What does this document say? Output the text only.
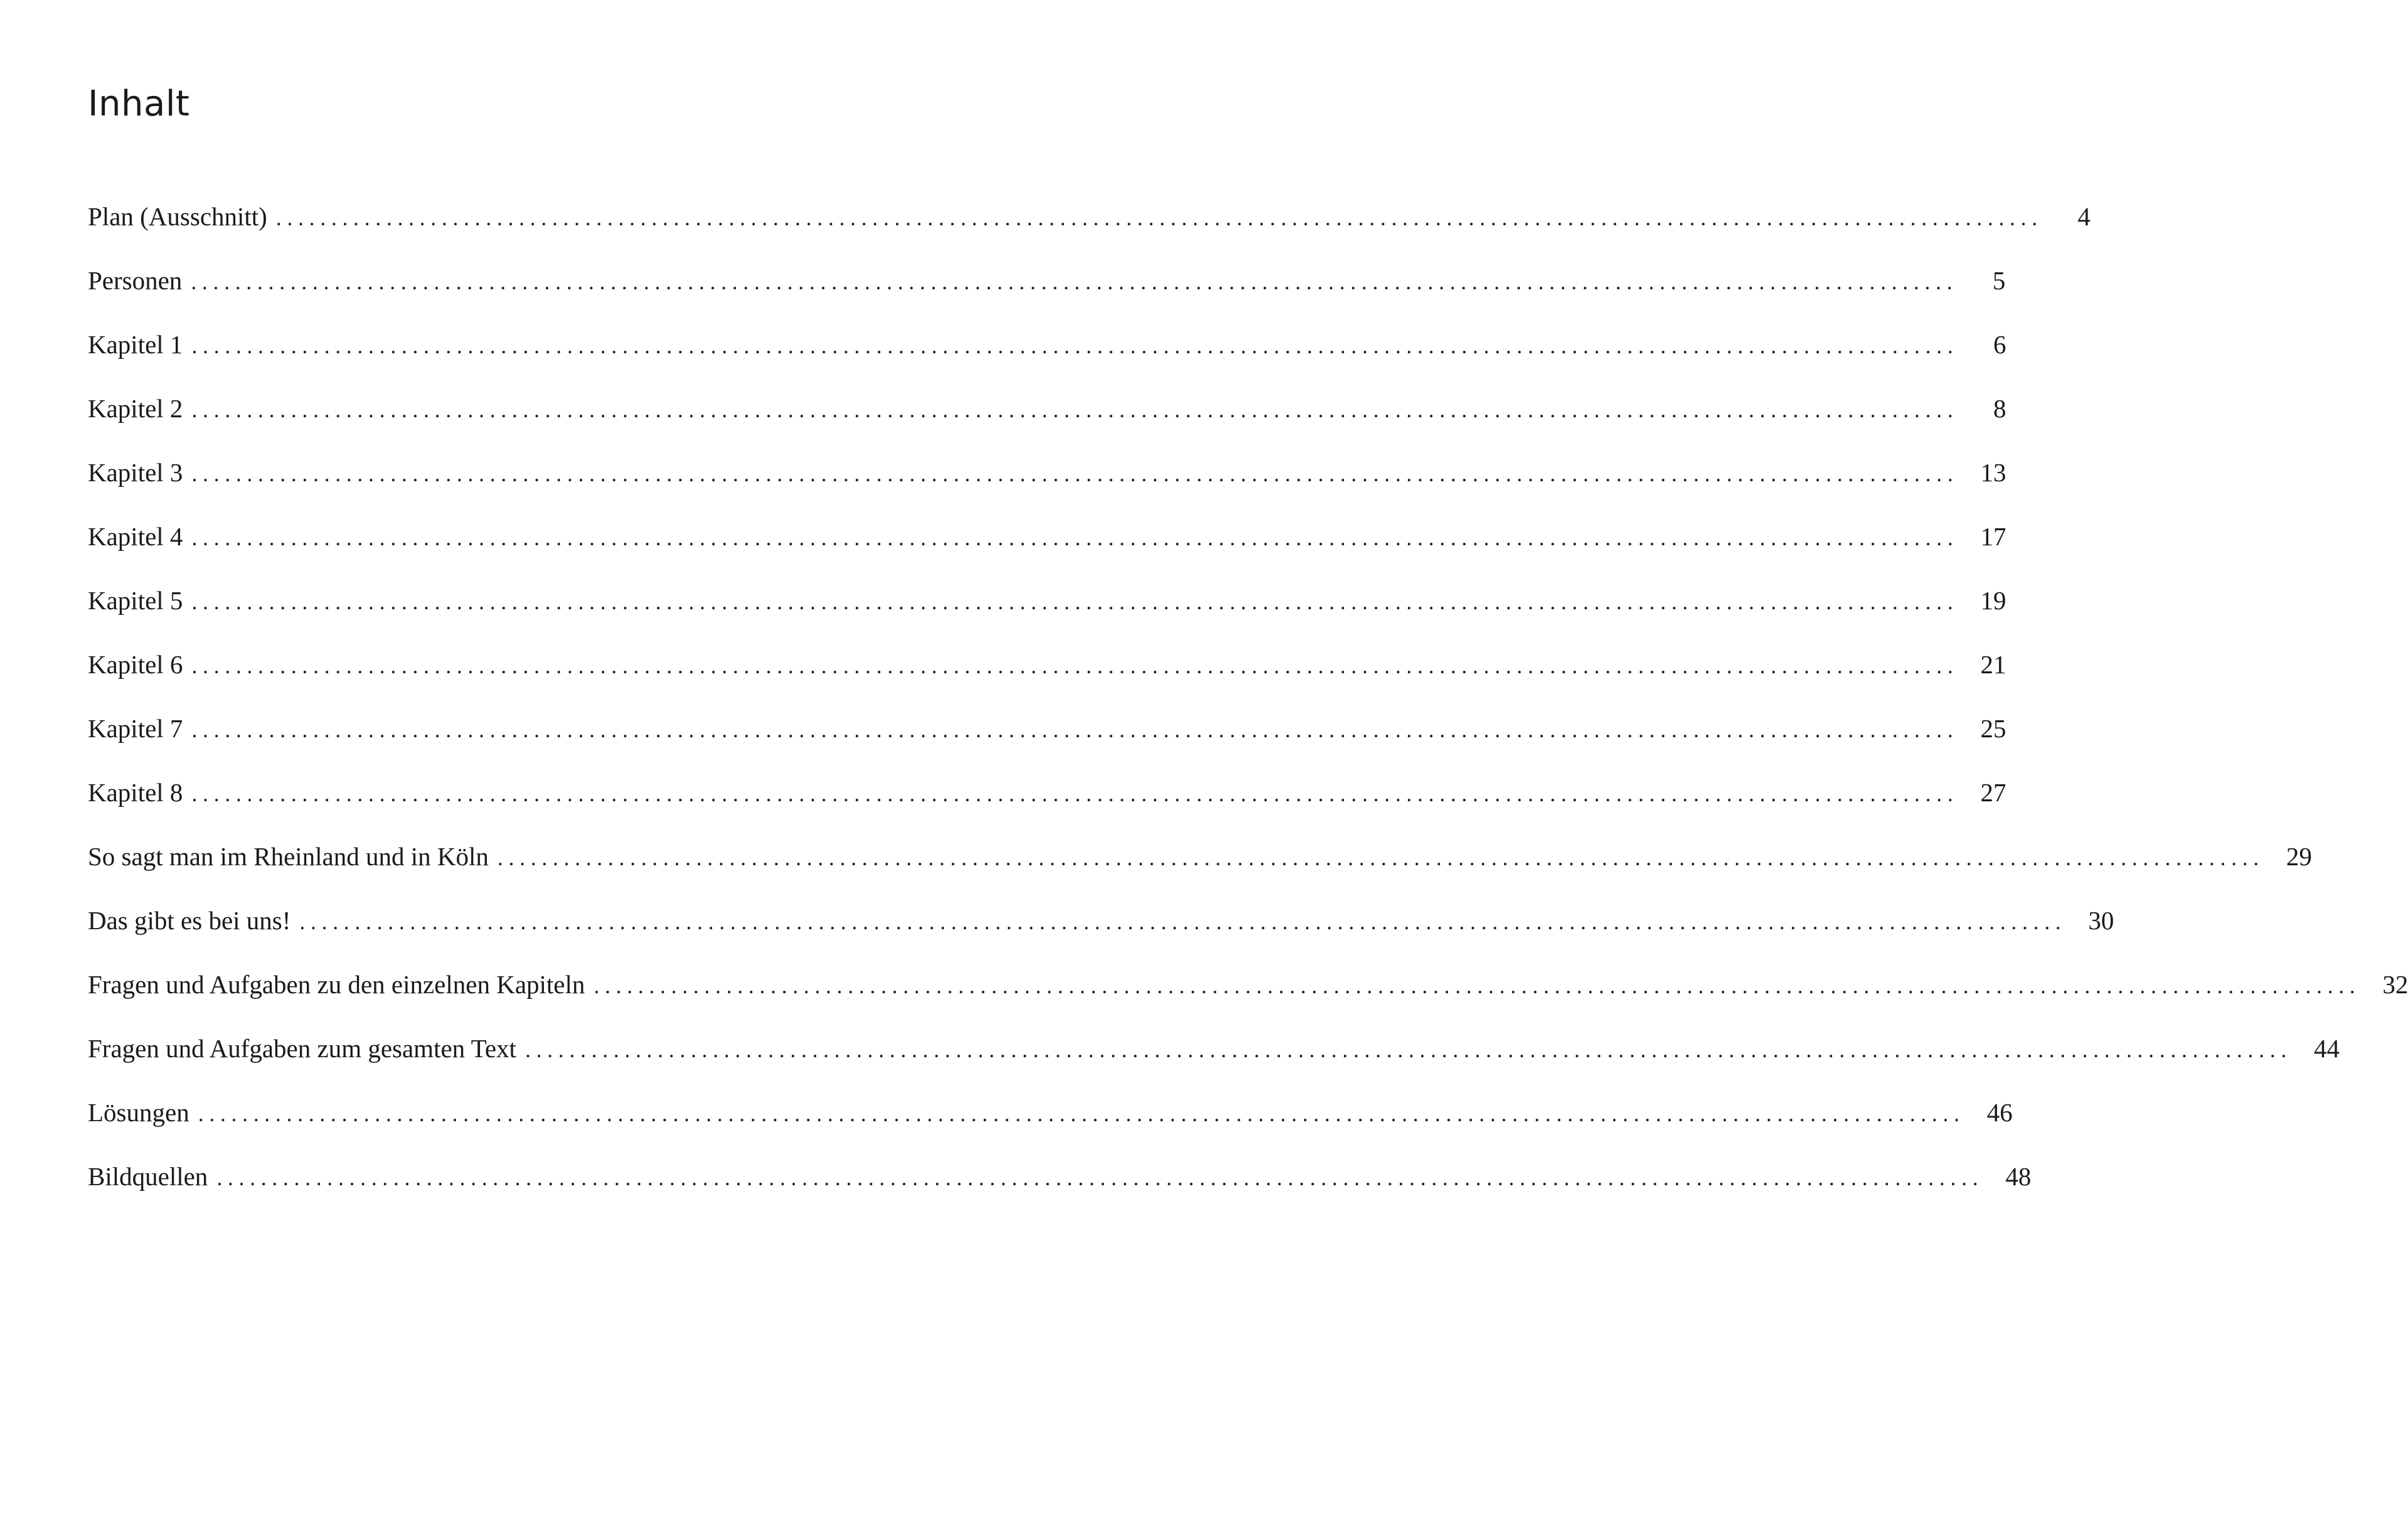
Inhalt
Plan (Ausschnitt) ................................................................................................................................................................	4
Personen ................................................................................................................................................................	5
Kapitel 1 ................................................................................................................................................................	6
Kapitel 2 ................................................................................................................................................................	8
Kapitel 3 ................................................................................................................................................................ 13
Kapitel 4 ................................................................................................................................................................ 17
Kapitel 5 ................................................................................................................................................................ 19
Kapitel 6 ................................................................................................................................................................ 21
Kapitel 7 ................................................................................................................................................................ 25
Kapitel 8 ................................................................................................................................................................ 27
So sagt man im Rheinland und in Köln ................................................................................................................................................................ 29
Das gibt es bei uns! ................................................................................................................................................................ 30
Fragen und Aufgaben zu den einzelnen Kapiteln ................................................................................................................................................................ 32
Fragen und Aufgaben zum gesamten Text ................................................................................................................................................................ 44
Lösungen ................................................................................................................................................................ 46
Bildquellen ................................................................................................................................................................ 48
